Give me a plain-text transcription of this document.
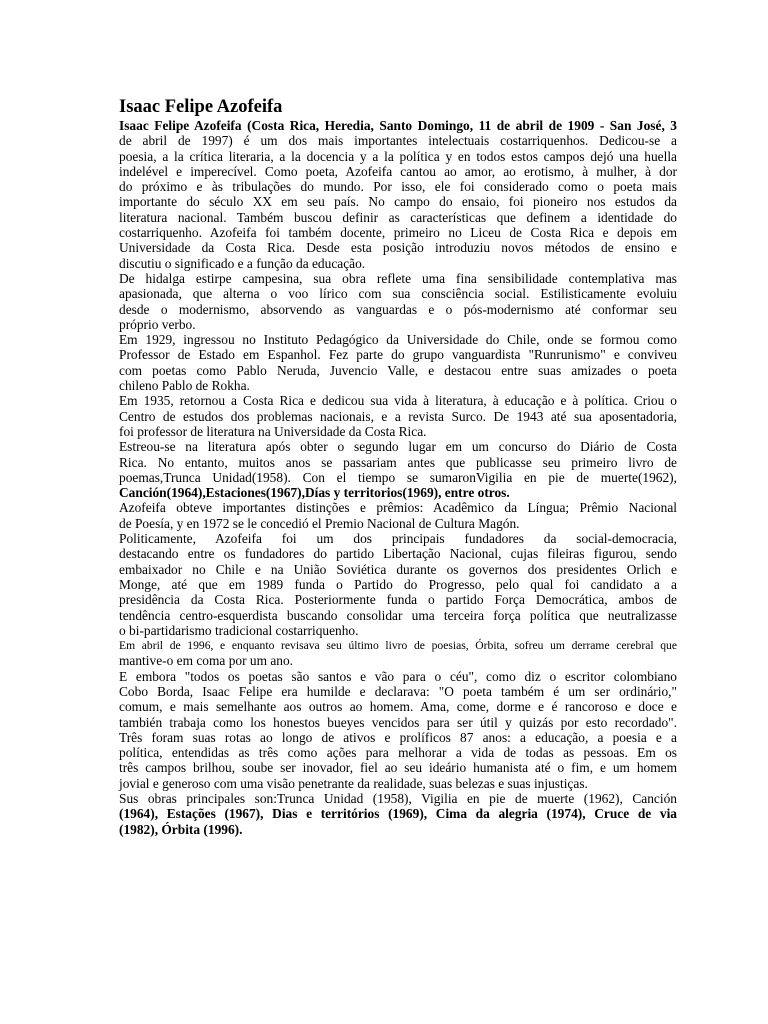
Isaac Felipe Azofeifa
Isaac Felipe Azofeifa (Costa Rica, Heredia, Santo Domingo, 11 de abril de 1909 - San José, 3
de abril de 1997) é um dos mais importantes intelectuais costarriquenhos. Dedicou-se a
poesia, a la crítica literaria, a la docencia y a la política y en todos estos campos dejó una huella
indelével e imperecível. Como poeta, Azofeifa cantou ao amor, ao erotismo, à mulher, à dor
do próximo e às tribulações do mundo. Por isso, ele foi considerado como o poeta mais
importante do século XX em seu país. No campo do ensaio, foi pioneiro nos estudos da
literatura nacional. Também buscou definir as características que definem a identidade do
costarriquenho. Azofeifa foi também docente, primeiro no Liceu de Costa Rica e depois em
Universidade da Costa Rica. Desde esta posição introduziu novos métodos de ensino e
discutiu o significado e a função da educação.
De hidalga estirpe campesina, sua obra reflete uma fina sensibilidade contemplativa mas
apasionada, que alterna o voo lírico com sua consciência social. Estilisticamente evoluiu
desde o modernismo, absorvendo as vanguardas e o pós-modernismo até conformar seu
próprio verbo.
Em 1929, ingressou no Instituto Pedagógico da Universidade do Chile, onde se formou como
Professor de Estado em Espanhol. Fez parte do grupo vanguardista "Runrunismo" e conviveu
com poetas como Pablo Neruda, Juvencio Valle, e destacou entre suas amizades o poeta
chileno Pablo de Rokha.
Em 1935, retornou a Costa Rica e dedicou sua vida à literatura, à educação e à política. Criou o
Centro de estudos dos problemas nacionais, e a revista Surco. De 1943 até sua aposentadoria,
foi professor de literatura na Universidade da Costa Rica.
Estreou-se na literatura após obter o segundo lugar em um concurso do Diário de Costa
Rica. No entanto, muitos anos se passariam antes que publicasse seu primeiro livro de
poemas,Trunca Unidad(1958). Con el tiempo se sumaronVigilia en pie de muerte(1962),
Canción(1964),Estaciones(1967),Días y territorios(1969), entre otros.
Azofeifa obteve importantes distinções e prêmios: Acadêmico da Língua; Prêmio Nacional
de Poesía, y en 1972 se le concedió el Premio Nacional de Cultura Magón.
Politicamente, Azofeifa foi um dos principais fundadores da social-democracia,
destacando entre os fundadores do partido Libertação Nacional, cujas fileiras figurou, sendo
embaixador no Chile e na União Soviética durante os governos dos presidentes Orlich e
Monge, até que em 1989 funda o Partido do Progresso, pelo qual foi candidato a a
presidência da Costa Rica. Posteriormente funda o partido Força Democrática, ambos de
tendência centro-esquerdista buscando consolidar uma terceira força política que neutralizasse
o bi-partidarismo tradicional costarriquenho.
Em abril de 1996, e enquanto revisava seu último livro de poesias, Órbita, sofreu um derrame cerebral que
mantive-o em coma por um ano.
E embora "todos os poetas são santos e vão para o céu", como diz o escritor colombiano
Cobo Borda, Isaac Felipe era humilde e declarava: "O poeta também é um ser ordinário,"
comum, e mais semelhante aos outros ao homem. Ama, come, dorme e é rancoroso e doce e
también trabaja como los honestos bueyes vencidos para ser útil y quizás por esto recordado".
Três foram suas rotas ao longo de ativos e prolíficos 87 anos: a educação, a poesia e a
política, entendidas as três como ações para melhorar a vida de todas as pessoas. Em os
três campos brilhou, soube ser inovador, fiel ao seu ideário humanista até o fim, e um homem
jovial e generoso com uma visão penetrante da realidade, suas belezas e suas injustiças.
Sus obras principales son:Trunca Unidad (1958), Vigilia en pie de muerte (1962), Canción
(1964), Estações (1967), Dias e territórios (1969), Cima da alegria (1974), Cruce de via
(1982), Órbita (1996).
